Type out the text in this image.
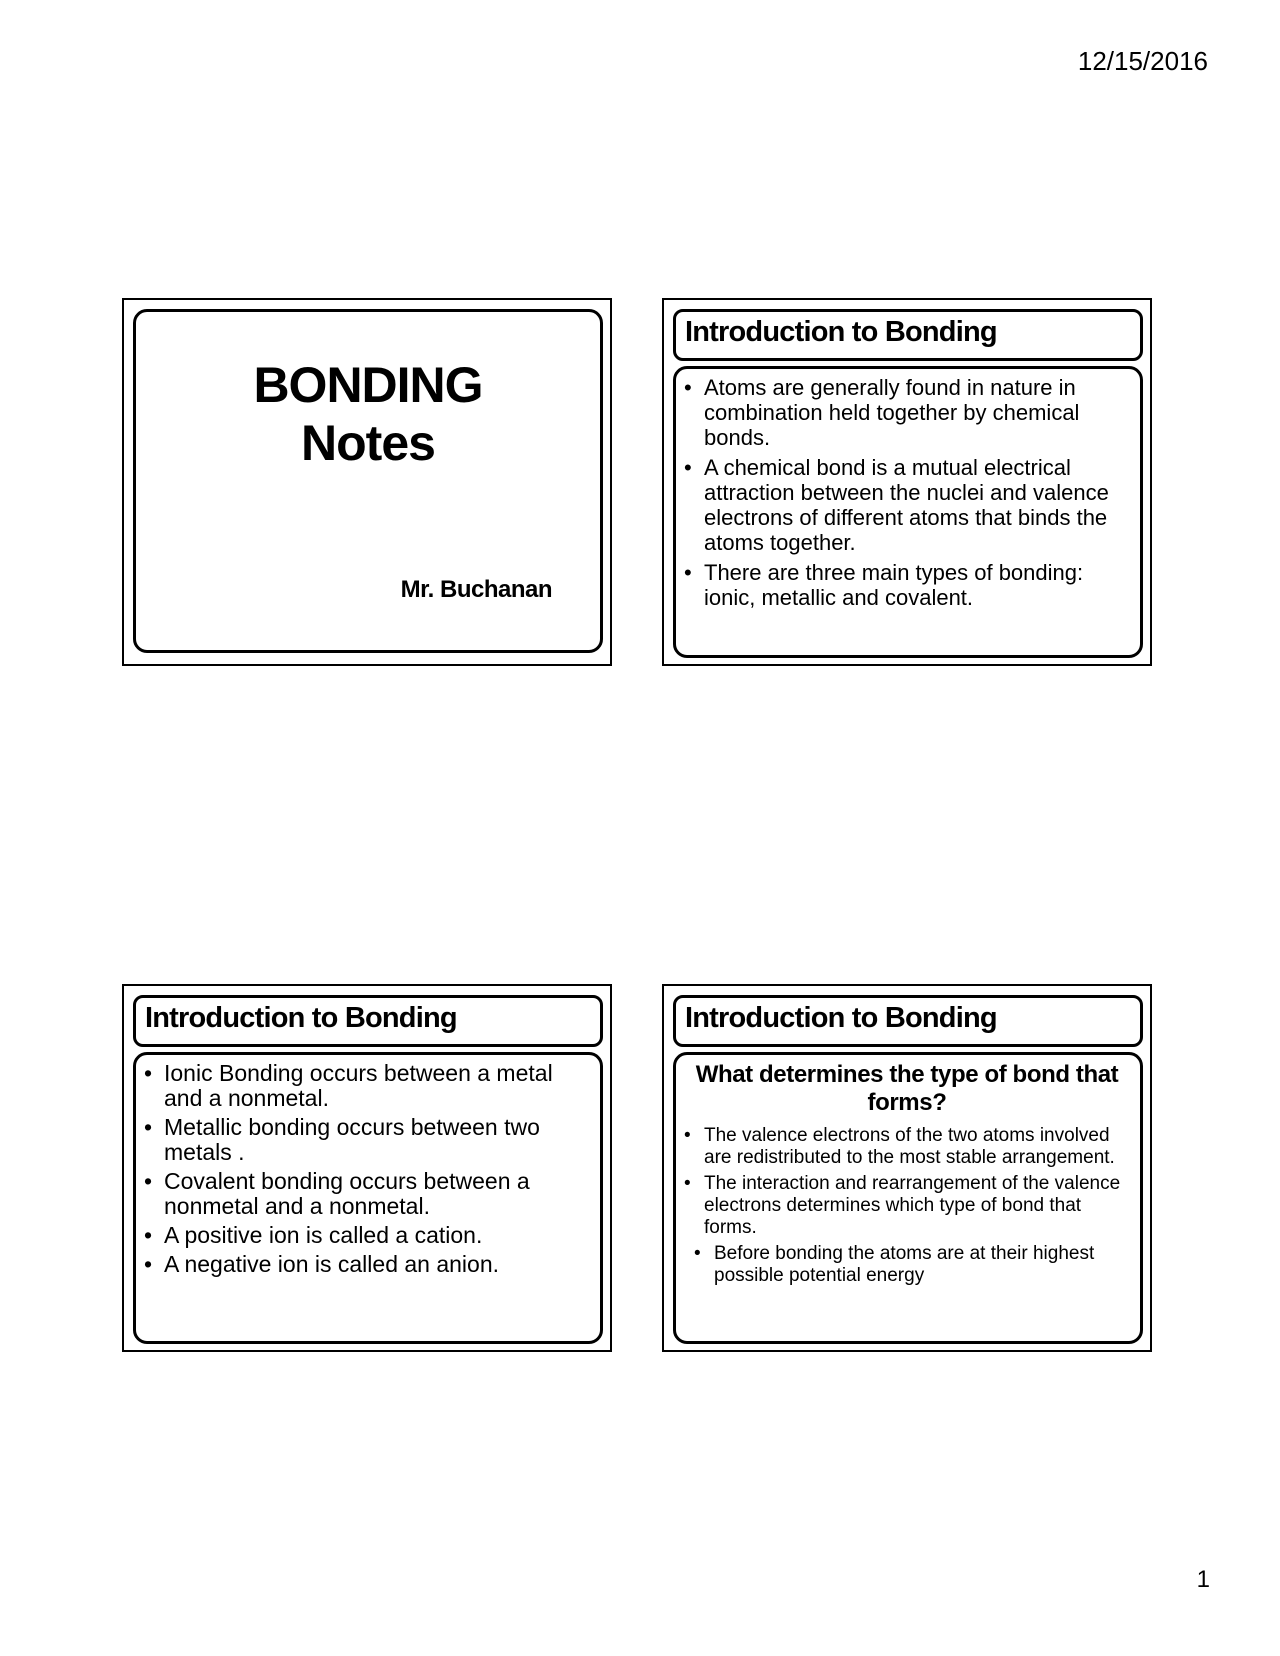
12/15/2016
BONDING
Notes
Mr. Buchanan
Introduction to Bonding
• Atoms are generally found in nature in combination held together by chemical bonds.
• A chemical bond is a mutual electrical attraction between the nuclei and valence electrons of different atoms that binds the atoms together.
• There are three main types of bonding: ionic, metallic and covalent.
Introduction to Bonding
• Ionic Bonding occurs between a metal and a nonmetal.
• Metallic bonding occurs between two metals .
• Covalent bonding occurs between a nonmetal and a nonmetal.
• A positive ion is called a cation.
• A negative ion is called an anion.
Introduction to Bonding
What determines the type of bond that forms?
• The valence electrons of the two atoms involved are redistributed to the most stable arrangement.
• The interaction and rearrangement of the valence electrons determines which type of bond that forms.
• Before bonding the atoms are at their highest possible potential energy
1
